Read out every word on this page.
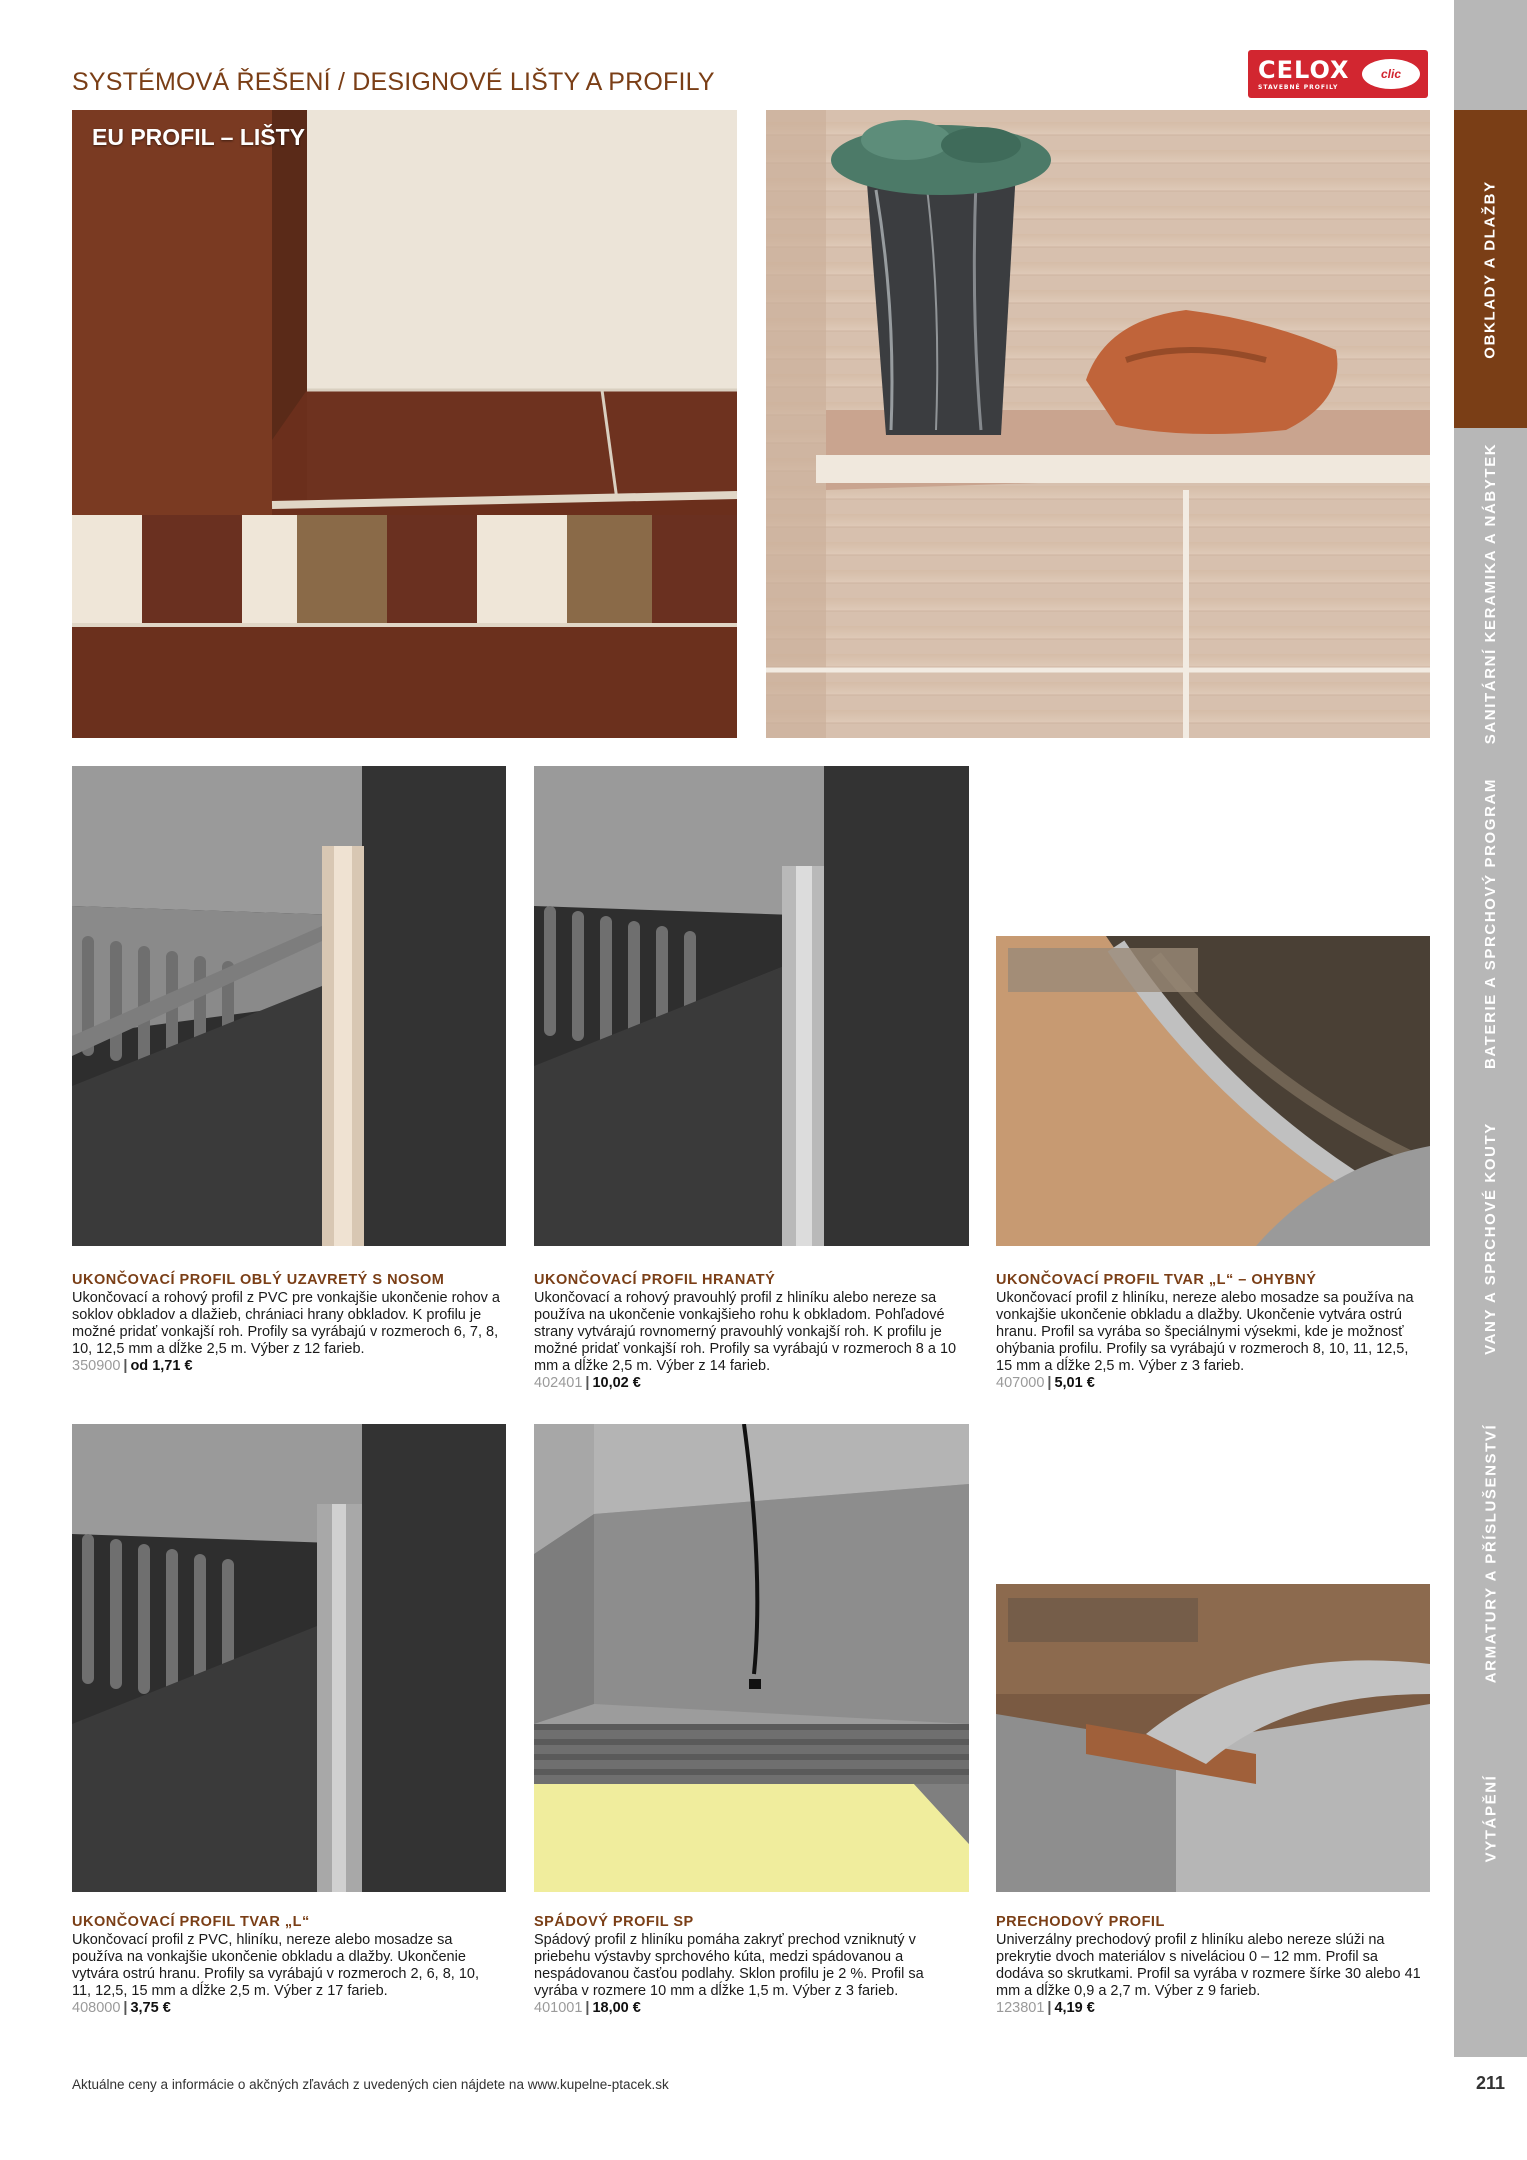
SYSTÉMOVÁ ŘEŠENÍ / DESIGNOVÉ LIŠTY A PROFILY	CELOX
STAVEBNÉ PROFILY
clic
OBKLADY A DLAŽBY
SANITÁRNÍ KERAMIKA A NÁBYTEK
BATERIE A SPRCHOVÝ PROGRAM
VANY A SPRCHOVÉ KOUTY
ARMATURY A PŘÍSLUŠENSTVÍ
VYTÁPĚNÍ
EU PROFIL – LIŠTY
UKONČOVACÍ PROFIL OBLÝ UZAVRETÝ S NOSOM

Ukončovací a rohový profil z PVC pre vonkajšie ukončenie rohov a soklov obkladov a dlažieb, chrániaci hrany obkladov. K profilu je možné pridať vonkajší roh. Profily sa vyrábajú v rozmeroch 6, 7, 8, 10, 12,5 mm a dĺžke 2,5 m. Výber z 12 farieb.

350900 | od 1,71 €

UKONČOVACÍ PROFIL HRANATÝ

Ukončovací a rohový pravouhlý profil z hliníku alebo nereze sa používa na ukončenie vonkajšieho rohu k obkladom. Pohľadové strany vytvárajú rovnomerný pravouhlý vonkajší roh. K profilu je možné pridať vonkajší roh. Profily sa vyrábajú v rozmeroch 8 a 10 mm a dĺžke 2,5 m. Výber z 14 farieb.

402401 | 10,02 €

UKONČOVACÍ PROFIL TVAR „L“ – OHYBNÝ

Ukončovací profil z hliníku, nereze alebo mosadze sa používa na vonkajšie ukončenie obkladu a dlažby. Ukončenie vytvára ostrú hranu. Profil sa vyrába so špeciálnymi výsekmi, kde je možnosť ohýbania profilu. Profily sa vyrábajú v rozmeroch 8, 10, 11, 12,5, 15 mm a dĺžke 2,5 m. Výber z 3 farieb.

407000 | 5,01 €

UKONČOVACÍ PROFIL TVAR „L“

Ukončovací profil z PVC, hliníku, nereze alebo mosadze sa používa na vonkajšie ukončenie obkladu a dlažby. Ukončenie vytvára ostrú hranu. Profily sa vyrábajú v rozmeroch 2, 6, 8, 10, 11, 12,5, 15 mm a dĺžke 2,5 m. Výber z 17 farieb.

408000 | 3,75 €

SPÁDOVÝ PROFIL SP

Spádový profil z hliníku pomáha zakryť prechod vzniknutý v priebehu výstavby sprchového kúta, medzi spádovanou a nespádovanou časťou podlahy. Sklon profilu je 2 %. Profil sa vyrába v rozmere 10 mm a dĺžke 1,5 m. Výber z 3 farieb.

401001 | 18,00 €

PRECHODOVÝ PROFIL

Univerzálny prechodový profil z hliníku alebo nereze slúži na prekrytie dvoch materiálov s niveláciou 0 – 12 mm. Profil sa dodáva so skrutkami. Profil sa vyrába v rozmere šírke 30 alebo 41 mm a dĺžke 0,9 a 2,7 m. Výber z 9 farieb.

123801 | 4,19 €

Aktuálne ceny a informácie o akčných zľavách z uvedených cien nájdete na www.kupelne-ptacek.sk	211
